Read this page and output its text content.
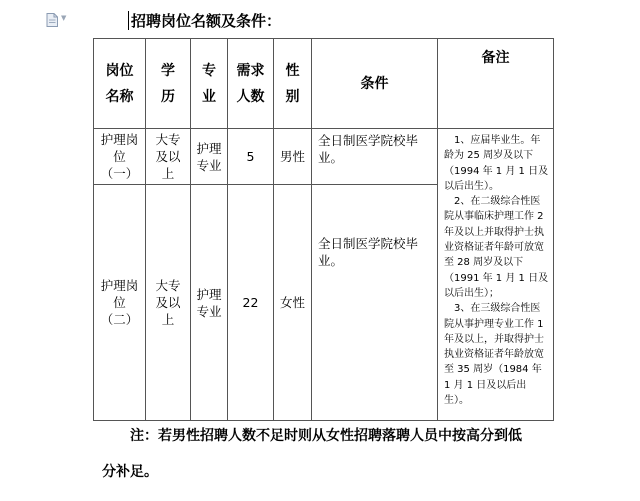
▼	招聘岗位名额及条件：
岗位名称	学历	专业	需求人数	性别	条件	备注

护理岗位（一）	大专及以上	护理专业	5	男性	全日制医学院校毕业。	1、应届毕业生。年龄为 25 周岁及以下（1994 年 1 月 1 日及以后出生）。

2、在二级综合性医院从事临床护理工作 2 年及以上并取得护士执业资格证者年龄可放宽至 28 周岁及以下（1991 年 1 月 1 日及以后出生）；

3、在三级综合性医院从事护理专业工作 1 年及以上，并取得护士执业资格证者年龄放宽至 35 周岁（1984 年 1 月 1 日及以后出生）。

护理岗位（二）	大专及以上	护理专业	22	女性	全日制医学院校毕业。	
注：若男性招聘人数不足时则从女性招聘落聘人员中按高分到低
分补足。
